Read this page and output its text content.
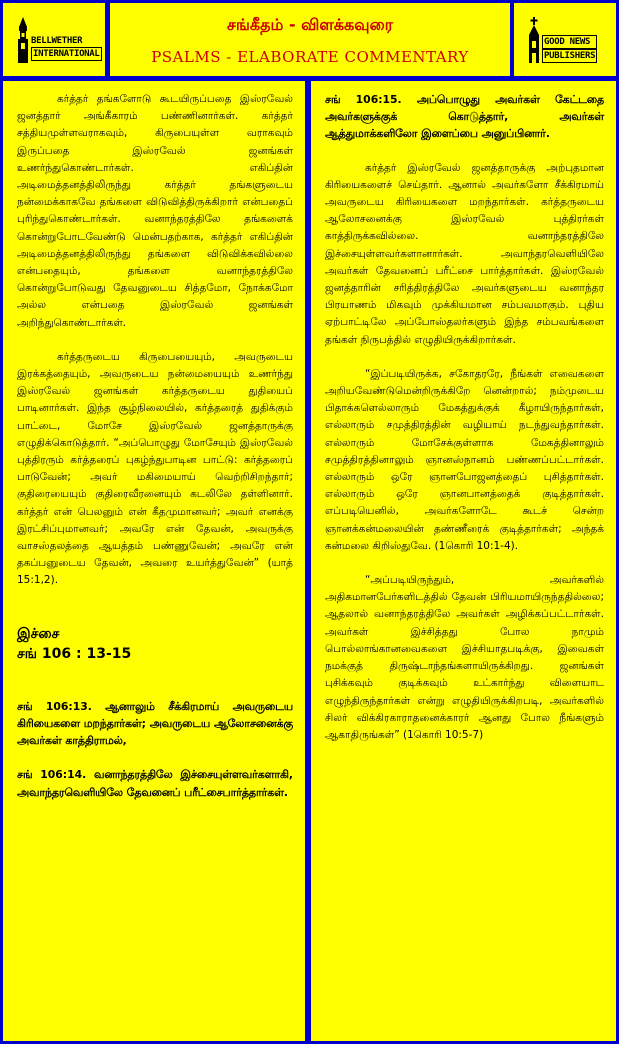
BELLWETHER
INTERNATIONAL
சங்கீதம் - விளக்கவுரை
PSALMS - ELABORATE COMMENTARY
GOOD NEWS
PUBLISHERS

கர்த்தர் தங்களோடு கூடயிருப்பதை இஸ்ரவேல் ஜனத்தார் அங்கீகாரம் பண்ணினார்கள். கர்த்தர் சத்தியமுள்ளவராகவும், கிருபையுள்ள வராகவும் இருப்பதை இஸ்ரவேல் ஜனங்கள் உணர்ந்துகொண்டார்கள். எகிப்தின் அடிமைத்தனத்திலிருந்து கர்த்தர் தங்களுடைய நன்மைக்காகவே தங்களை விடுவித்திருக்கிறார் என்பதைப் புரிந்துகொண்டார்கள். வனாந்தரத்திலே தங்களைக் கொன்றுபோடவேண்டு மென்பதற்காக, கர்த்தர் எகிப்தின் அடிமைத்தனத்திலிருந்து தங்களை விடுவிக்கவில்லை என்பதையும், தங்களை வனாந்தரத்திலே கொன்றுபோடுவது தேவனுடைய சித்தமோ, நோக்கமோ அல்ல என்பதை இஸ்ரவேல் ஜனங்கள் அறிந்துகொண்டார்கள்.

கர்த்தருடைய கிருபையையும், அவருடைய இரக்கத்தையும், அவருடைய நன்மையையும் உணர்ந்து இஸ்ரவேல் ஜனங்கள் கர்த்தருடைய துதியைப் பாடினார்கள். இந்த சூழ்நிலையில், கர்த்தரைத் துதிக்கும் பாட்டை, மோசே இஸ்ரவேல் ஜனத்தாருக்கு எழுதிக்கொடுத்தார். “அப்பொழுது மோசேயும் இஸ்ரவேல் புத்திரரும் கர்த்தரைப் புகழ்ந்துபாடின பாட்டு: கர்த்தரைப் பாடுவேன்; அவர் மகிமையாய் வெற்றிசிறந்தார்; குதிரையையும் குதிரைவீரனையும் கடலிலே தள்ளினார். கர்த்தர் என் பெலனும் என் கீதமுமானவர்; அவர் எனக்கு இரட்சிப்புமானவர்; அவரே என் தேவன், அவருக்கு வாசஸ்தலத்தை ஆயத்தம் பண்ணுவேன்; அவரே என் தகப்பனுடைய தேவன், அவரை உயர்த்துவேன்” (யாத் 15:1,2).

இச்சை

சங் 106 : 13-15

சங் 106:13. ஆனாலும் சீக்கிரமாய் அவருடைய கிரியைகளை மறந்தார்கள்; அவருடைய ஆலோசனைக்கு அவர்கள் காத்திராமல்,

சங் 106:14. வனாந்தரத்திலே இச்சையுள்ளவர்களாகி, அவாந்தரவெளியிலே தேவனைப் பரீட்சைபார்த்தார்கள்.

சங் 106:15. அப்பொழுது அவர்கள் கேட்டதை அவர்களுக்குக் கொடுத்தார், அவர்கள் ஆத்துமாக்களிலோ இளைப்பை அனுப்பினார்.

கர்த்தர் இஸ்ரவேல் ஜனத்தாருக்கு அற்புதமான கிரியைகளைச் செய்தார். ஆனால் அவர்களோ சீக்கிரமாய் அவருடைய கிரியைகளை மறந்தார்கள். கர்த்தருடைய ஆலோசனைக்கு இஸ்ரவேல் புத்திரர்கள் காத்திருக்கவில்லை. வனாந்தரத்திலே இச்சையுள்ளவர்களானார்கள். அவாந்தரவெளியிலே அவர்கள் தேவனைப் பரீட்சை பார்த்தார்கள். இஸ்ரவேல் ஜனத்தாரின் சரித்திரத்திலே அவர்களுடைய வனாந்தர பிரயாணம் மிகவும் முக்கியமான சம்பவமாகும். புதிய ஏற்பாட்டிலே அப்போஸ்தலர்களும் இந்த சம்பவங்களை தங்கள் நிருபத்தில் எழுதியிருக்கிறார்கள்.

“இப்படியிருக்க, சகோதரரே, நீங்கள் எவைகளை அறியவேண்டுமென்றிருக்கிறே னென்றால்; நம்முடைய பிதாக்களெல்லாரும் மேகத்துக்குக் கீழாயிருந்தார்கள், எல்லாரும் சமுத்திரத்தின் வழியாய் நடந்துவந்தார்கள். எல்லாரும் மோசேக்குள்ளாக மேகத்தினாலும் சமுத்திரத்தினாலும் ஞானஸ்நானம் பண்ணப்பட்டார்கள். எல்லாரும் ஒரே ஞானபோஜனத்தைப் புசித்தார்கள். எல்லாரும் ஒரே ஞானபானத்தைக் குடித்தார்கள். எப்படியெனில், அவர்களோடே கூடச் சென்ற ஞானக்கன்மலையின் தண்ணீரைக் குடித்தார்கள்; அந்தக் கன்மலை கிறிஸ்துவே. (1கொரி 10:1-4).

“அப்படியிருந்தும், அவர்களில் அதிகமானபேர்களிடத்தில் தேவன் பிரியமாயிருந்ததில்லை; ஆதலால் வனாந்தரத்திலே அவர்கள் அழிக்கப்பட்டார்கள். அவர்கள் இச்சித்தது போல நாமும் பொல்லாங்கானவைகளை இச்சியாதபடிக்கு, இவைகள் நமக்குத் திருஷ்டாந்தங்களாயிருக்கிறது. ஜனங்கள் புசிக்கவும் குடிக்கவும் உட்கார்ந்து விளையாட எழுந்திருந்தார்கள் என்று எழுதியிருக்கிறபடி, அவர்களில் சிலர் விக்கிரகாராதனைக்காரர் ஆனது போல நீங்களும் ஆகாதிருங்கள்” (1கொரி 10:5-7)
